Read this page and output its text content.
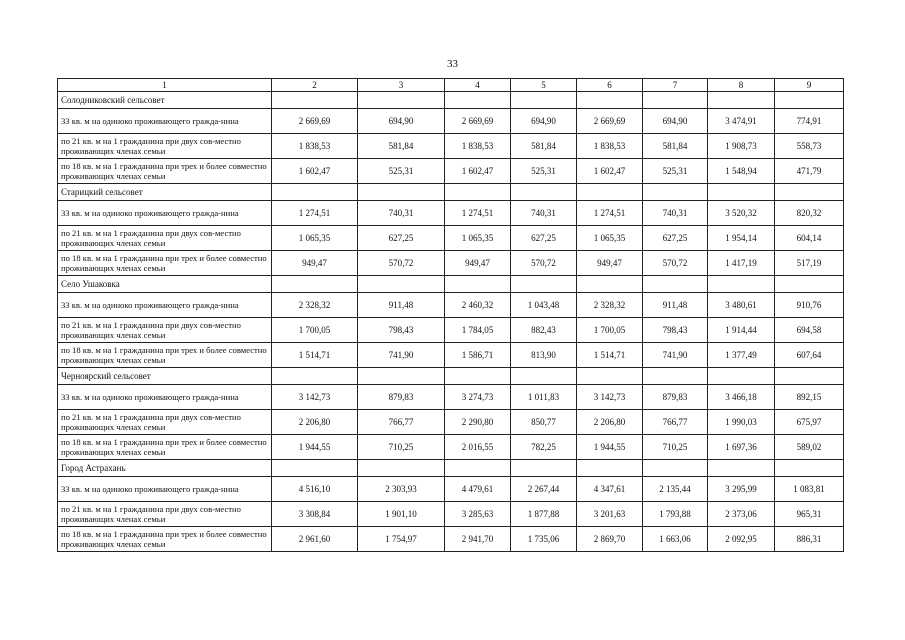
33
1	2	3	4	5	6	7	8	9
Солодниковский сельсовет								
33 кв. м на одиноко проживающего гражда-нина	2 669,69	694,90	2 669,69	694,90	2 669,69	694,90	3 474,91	774,91
по 21 кв. м на 1 гражданина при двух сов-местно проживающих членах семьи	1 838,53	581,84	1 838,53	581,84	1 838,53	581,84	1 908,73	558,73
по 18 кв. м на 1 гражданина при трех и более совместно проживающих членах семьи	1 602,47	525,31	1 602,47	525,31	1 602,47	525,31	1 548,94	471,79
Старицкий сельсовет								
33 кв. м на одиноко проживающего гражда-нина	1 274,51	740,31	1 274,51	740,31	1 274,51	740,31	3 520,32	820,32
по 21 кв. м на 1 гражданина при двух сов-местно проживающих членах семьи	1 065,35	627,25	1 065,35	627,25	1 065,35	627,25	1 954,14	604,14
по 18 кв. м на 1 гражданина при трех и более совместно проживающих членах семьи	949,47	570,72	949,47	570,72	949,47	570,72	1 417,19	517,19
Село Ушаковка								
33 кв. м на одиноко проживающего гражда-нина	2 328,32	911,48	2 460,32	1 043,48	2 328,32	911,48	3 480,61	910,76
по 21 кв. м на 1 гражданина при двух сов-местно проживающих членах семьи	1 700,05	798,43	1 784,05	882,43	1 700,05	798,43	1 914,44	694,58
по 18 кв. м на 1 гражданина при трех и более совместно проживающих членах семьи	1 514,71	741,90	1 586,71	813,90	1 514,71	741,90	1 377,49	607,64
Черноярский сельсовет								
33 кв. м на одиноко проживающего гражда-нина	3 142,73	879,83	3 274,73	1 011,83	3 142,73	879,83	3 466,18	892,15
по 21 кв. м на 1 гражданина при двух сов-местно проживающих членах семьи	2 206,80	766,77	2 290,80	850,77	2 206,80	766,77	1 990,03	675,97
по 18 кв. м на 1 гражданина при трех и более совместно проживающих членах семьи	1 944,55	710,25	2 016,55	782,25	1 944,55	710,25	1 697,36	589,02
Город Астрахань								
33 кв. м на одиноко проживающего гражда-нина	4 516,10	2 303,93	4 479,61	2 267,44	4 347,61	2 135,44	3 295,99	1 083,81
по 21 кв. м на 1 гражданина при двух сов-местно проживающих членах семьи	3 308,84	1 901,10	3 285,63	1 877,88	3 201,63	1 793,88	2 373,06	965,31
по 18 кв. м на 1 гражданина при трех и более совместно проживающих членах семьи	2 961,60	1 754,97	2 941,70	1 735,06	2 869,70	1 663,06	2 092,95	886,31
